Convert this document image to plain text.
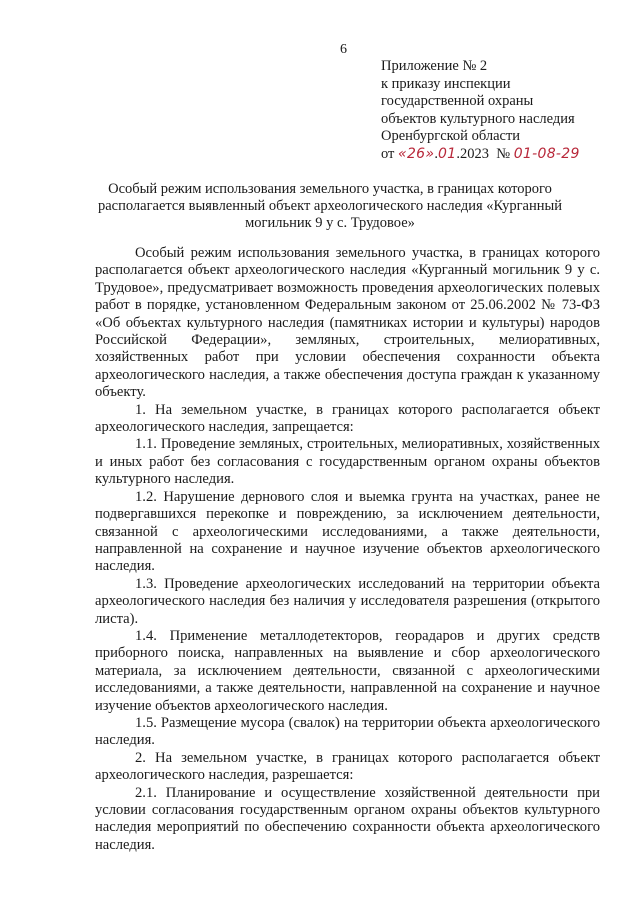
6
Приложение № 2
к приказу инспекции
государственной охраны
объектов культурного наследия
Оренбургской области
от «26».01.2023 № 01-08-29
Особый режим использования земельного участка, в границах которого располагается выявленный объект археологического наследия «Курганный могильник 9 у с. Трудовое»

Особый режим использования земельного участка, в границах которого располагается объект археологического наследия «Курганный могильник 9 у с. Трудовое», предусматривает возможность проведения археологических полевых работ в порядке, установленном Федеральным законом от 25.06.2002 № 73-ФЗ «Об объектах культурного наследия (памятниках истории и культуры) народов Российской Федерации», земляных, строительных, мелиоративных, хозяйственных работ при условии обеспечения сохранности объекта археологического наследия, а также обеспечения доступа граждан к указанному объекту.

1. На земельном участке, в границах которого располагается объект археологического наследия, запрещается:

1.1. Проведение земляных, строительных, мелиоративных, хозяйственных и иных работ без согласования с государственным органом охраны объектов культурного наследия.

1.2. Нарушение дернового слоя и выемка грунта на участках, ранее не подвергавшихся перекопке и повреждению, за исключением деятельности, связанной с археологическими исследованиями, а также деятельности, направленной на сохранение и научное изучение объектов археологического наследия.

1.3. Проведение археологических исследований на территории объекта археологического наследия без наличия у исследователя разрешения (открытого листа).

1.4. Применение металлодетекторов, георадаров и других средств приборного поиска, направленных на выявление и сбор археологического материала, за исключением деятельности, связанной с археологическими исследованиями, а также деятельности, направленной на сохранение и научное изучение объектов археологического наследия.

1.5. Размещение мусора (свалок) на территории объекта археологического наследия.

2. На земельном участке, в границах которого располагается объект археологического наследия, разрешается:

2.1. Планирование и осуществление хозяйственной деятельности при условии согласования государственным органом охраны объектов культурного наследия мероприятий по обеспечению сохранности объекта археологического наследия.
